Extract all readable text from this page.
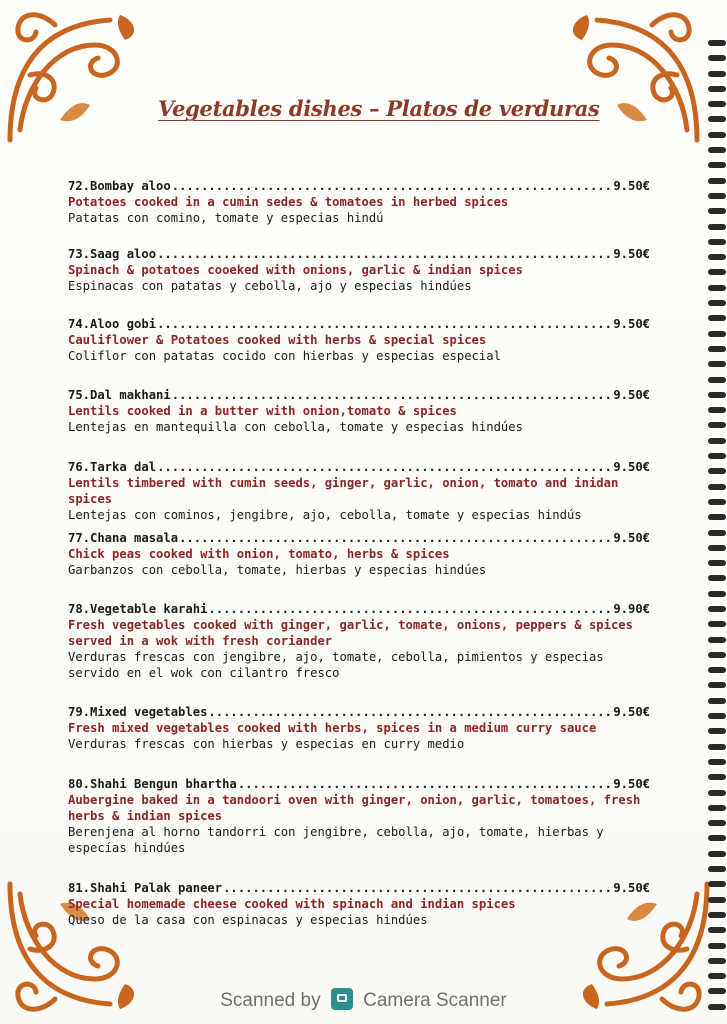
Vegetables dishes – Platos de verduras
72.Bombay aloo .....	9.50€
Potatoes cooked in a cumin sedes & tomatoes in herbed spices
Patatas con comino, tomate y especias hindú
73.Saag aloo .....	9.50€
Spinach & potatoes cooeked with onions, garlic & indian spices
Espinacas con patatas y cebolla, ajo y especias hindúes
74.Aloo gobi .....	9.50€
Cauliflower & Potatoes cooked with herbs & special spices
Coliflor con patatas cocido con hierbas y especias especial
75.Dal makhani .....	9.50€
Lentils cooked in a butter with onion,tomato & spices
Lentejas en mantequilla con cebolla, tomate y especias hindúes
76.Tarka dal .....	9.50€
Lentils timbered with cumin seeds, ginger, garlic, onion, tomato and inidan spices
Lentejas con cominos, jengibre, ajo, cebolla, tomate y especias hindús
77.Chana masala .....	9.50€
Chick peas cooked with onion, tomato, herbs & spices
Garbanzos con cebolla, tomate, hierbas y especias hindúes
78.Vegetable karahi .....	9.90€
Fresh vegetables cooked with ginger, garlic, tomate, onions, peppers & spices served in a wok with fresh coriander
Verduras frescas con jengibre, ajo, tomate, cebolla, pimientos y especias servido en el wok con cilantro fresco
79.Mixed vegetables .....	9.50€
Fresh mixed vegetables cooked with herbs, spices in a medium curry sauce
Verduras frescas con hierbas y especias en curry medio
80.Shahi Bengun bhartha .....	9.50€
Aubergine baked in a tandoori oven with ginger, onion, garlic, tomatoes, fresh herbs & indian spices
Berenjena al horno tandorri con jengibre, cebolla, ajo, tomate, hierbas y especías hindúes
81.Shahi Palak paneer .....	9.50€
Special homemade cheese cooked with spinach and indian spices
Queso de la casa con espinacas y especias hindúes
Scanned by Camera Scanner
